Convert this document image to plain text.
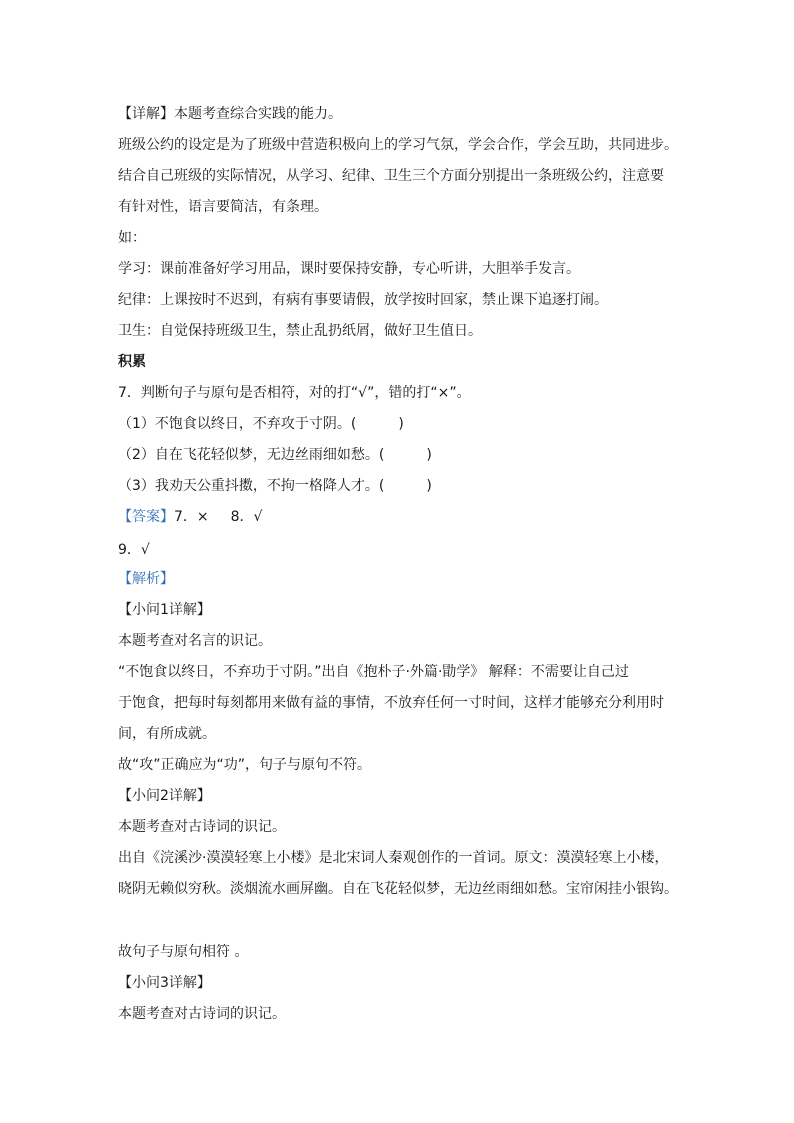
【详解】本题考查综合实践的能力。
班级公约的设定是为了班级中营造积极向上的学习气氛，学会合作，学会互助，共同进步。
结合自己班级的实际情况，从学习、纪律、卫生三个方面分别提出一条班级公约，注意要
有针对性，语言要简洁，有条理。
如：
学习：课前准备好学习用品，课时要保持安静，专心听讲，大胆举手发言。
纪律：上课按时不迟到，有病有事要请假，放学按时回家，禁止课下追逐打闹。
卫生：自觉保持班级卫生，禁止乱扔纸屑，做好卫生值日。
积累
7．判断句子与原句是否相符，对的打“√”，错的打“×”。
（1）不饱食以终日，不弃攻于寸阴。(　　　)
（2）自在飞花轻似梦，无边丝雨细如愁。(　　　)
（3）我劝天公重抖擞，不拘一格降人才。(　　　)
【答案】7．× 8．√
9．√
【解析】
【小问1详解】
本题考查对名言的识记。
“不饱食以终日，不弃功于寸阴。”出自《抱朴子·外篇·勖学》 解释：不需要让自己过
于饱食，把每时每刻都用来做有益的事情，不放弃任何一寸时间，这样才能够充分利用时
间，有所成就。
故“攻”正确应为“功”，句子与原句不符。
【小问2详解】
本题考查对古诗词的识记。
出自《浣溪沙·漠漠轻寒上小楼》是北宋词人秦观创作的一首词。原文：漠漠轻寒上小楼，
晓阴无赖似穷秋。淡烟流水画屏幽。自在飞花轻似梦，无边丝雨细如愁。宝帘闲挂小银钩。
故句子与原句相符 。
【小问3详解】
本题考查对古诗词的识记。
